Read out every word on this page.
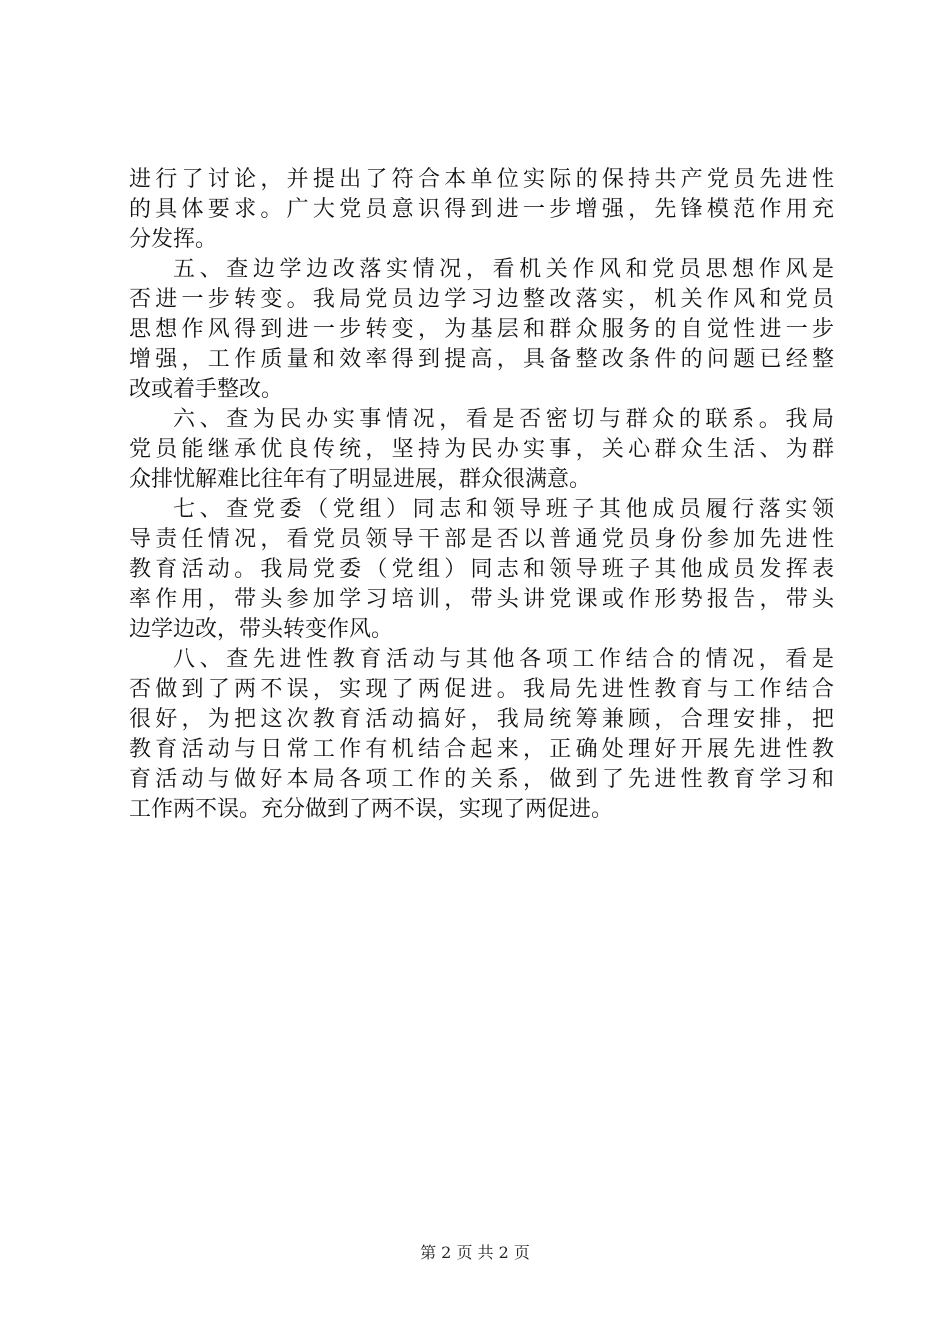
进行了讨论，并提出了符合本单位实际的保持共产党员先进性
的具体要求。广大党员意识得到进一步增强，先锋模范作用充
分发挥。
五、查边学边改落实情况，看机关作风和党员思想作风是
否进一步转变。我局党员边学习边整改落实，机关作风和党员
思想作风得到进一步转变，为基层和群众服务的自觉性进一步
增强，工作质量和效率得到提高，具备整改条件的问题已经整
改或着手整改。
六、查为民办实事情况，看是否密切与群众的联系。我局
党员能继承优良传统，坚持为民办实事，关心群众生活、为群
众排忧解难比往年有了明显进展，群众很满意。
七、查党委（党组）同志和领导班子其他成员履行落实领
导责任情况，看党员领导干部是否以普通党员身份参加先进性
教育活动。我局党委（党组）同志和领导班子其他成员发挥表
率作用，带头参加学习培训，带头讲党课或作形势报告，带头
边学边改，带头转变作风。
八、查先进性教育活动与其他各项工作结合的情况，看是
否做到了两不误，实现了两促进。我局先进性教育与工作结合
很好，为把这次教育活动搞好，我局统筹兼顾，合理安排，把
教育活动与日常工作有机结合起来，正确处理好开展先进性教
育活动与做好本局各项工作的关系，做到了先进性教育学习和
工作两不误。充分做到了两不误，实现了两促进。
第 2 页 共 2 页
